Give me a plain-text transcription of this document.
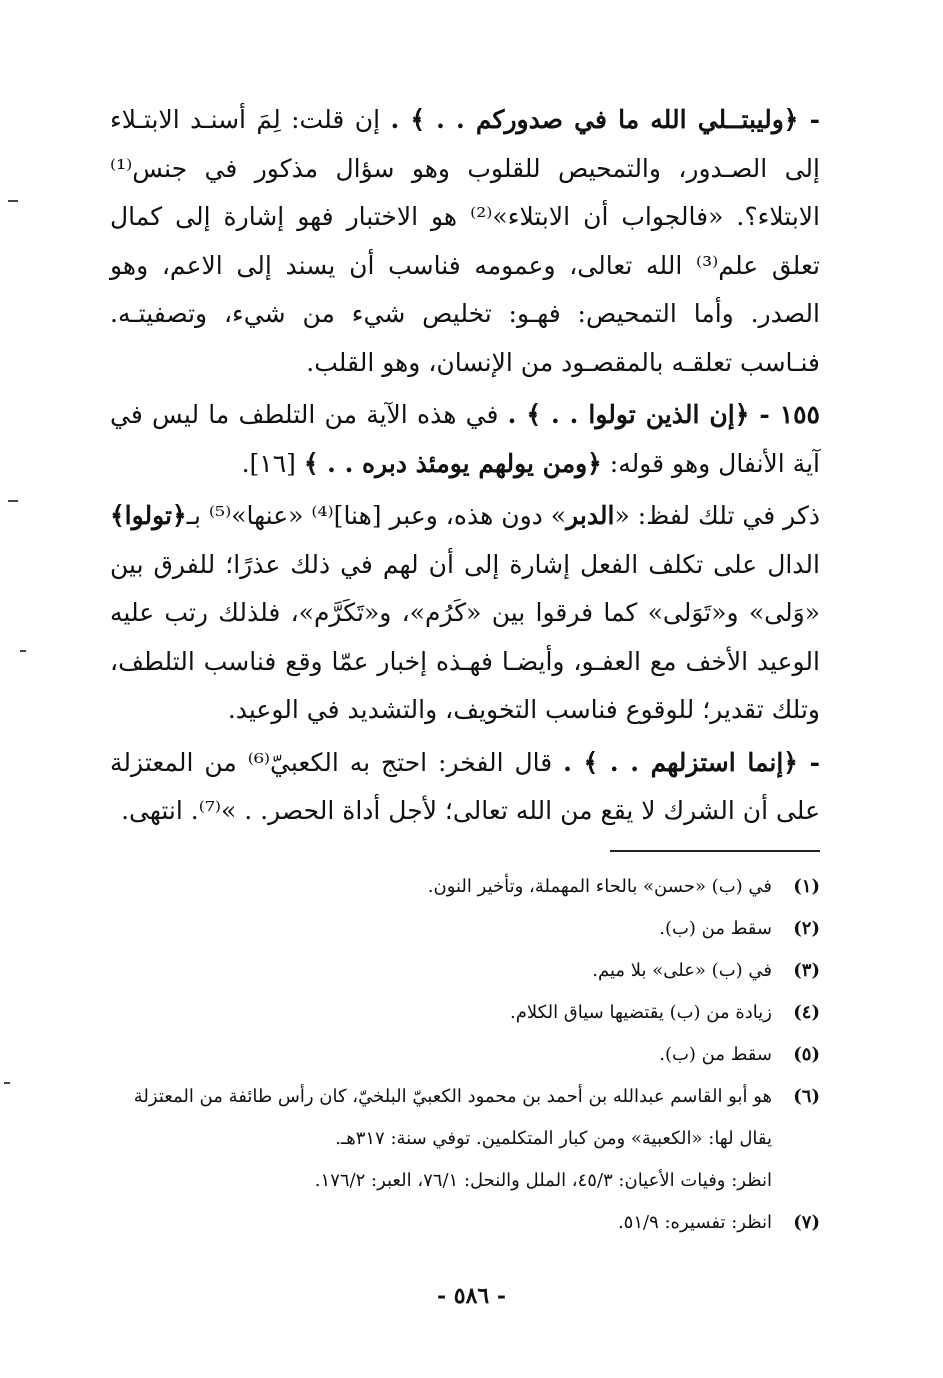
- ﴿وليبتــلي الله ما في صدوركم . . ﴾ . إن قلت: لِمَ أسنـد الابتـلاء إلى الصـدور، والتمحيص للقلوب وهو سؤال مذكور في جنس⁽¹⁾ الابتلاء؟. «فالجواب أن الابتلاء»⁽²⁾ هو الاختبار فهو إشارة إلى كمال تعلق علم⁽³⁾ الله تعالى، وعمومه فناسب أن يسند إلى الاعم، وهو الصدر. وأما التمحيص: فهـو: تخليص شيء من شيء، وتصفيتـه. فنـاسب تعلقـه بالمقصـود من الإنسان، وهو القلب.

١٥٥ - ﴿إن الذين تولوا . . ﴾ . في هذه الآية من التلطف ما ليس في آية الأنفال وهو قوله: ﴿ومن يولهم يومئذ دبره . . ﴾ [١٦].

ذكر في تلك لفظ: «الدبر» دون هذه، وعبر [هنا]⁽⁴⁾ «عنها»⁽⁵⁾ بـ﴿تولوا﴾ الدال على تكلف الفعل إشارة إلى أن لهم في ذلك عذرًا؛ للفرق بين «وَلى» و«تَوَلى» كما فرقوا بين «كَرُم»، و«تَكَرَّم»، فلذلك رتب عليه الوعيد الأخف مع العفـو، وأيضـا فهـذه إخبار عمّا وقع فناسب التلطف، وتلك تقدير؛ للوقوع فناسب التخويف، والتشديد في الوعيد.

- ﴿إنما استزلهم . . ﴾ . قال الفخر: احتج به الكعبيّ⁽⁶⁾ من المعتزلة على أن الشرك لا يقع من الله تعالى؛ لأجل أداة الحصر. . »⁽⁷⁾. انتهى.

(١)
في (ب) «حسن» بالحاء المهملة، وتأخير النون.
(٢)
سقط من (ب).
(٣)
في (ب) «على» بلا ميم.
(٤)
زيادة من (ب) يقتضيها سياق الكلام.
(٥)
سقط من (ب).
(٦)
هو أبو القاسم عبدالله بن أحمد بن محمود الكعبيّ البلخيّ، كان رأس طائفة من المعتزلة يقال لها: «الكعبية» ومن كبار المتكلمين. توفي سنة: ٣١٧هـ.
انظر: وفيات الأعيان: ٤٥/٣، الملل والنحل: ٧٦/١، العبر: ١٧٦/٢.
(٧)
انظر: تفسيره: ٥١/٩.
- ٥٨٦ -
